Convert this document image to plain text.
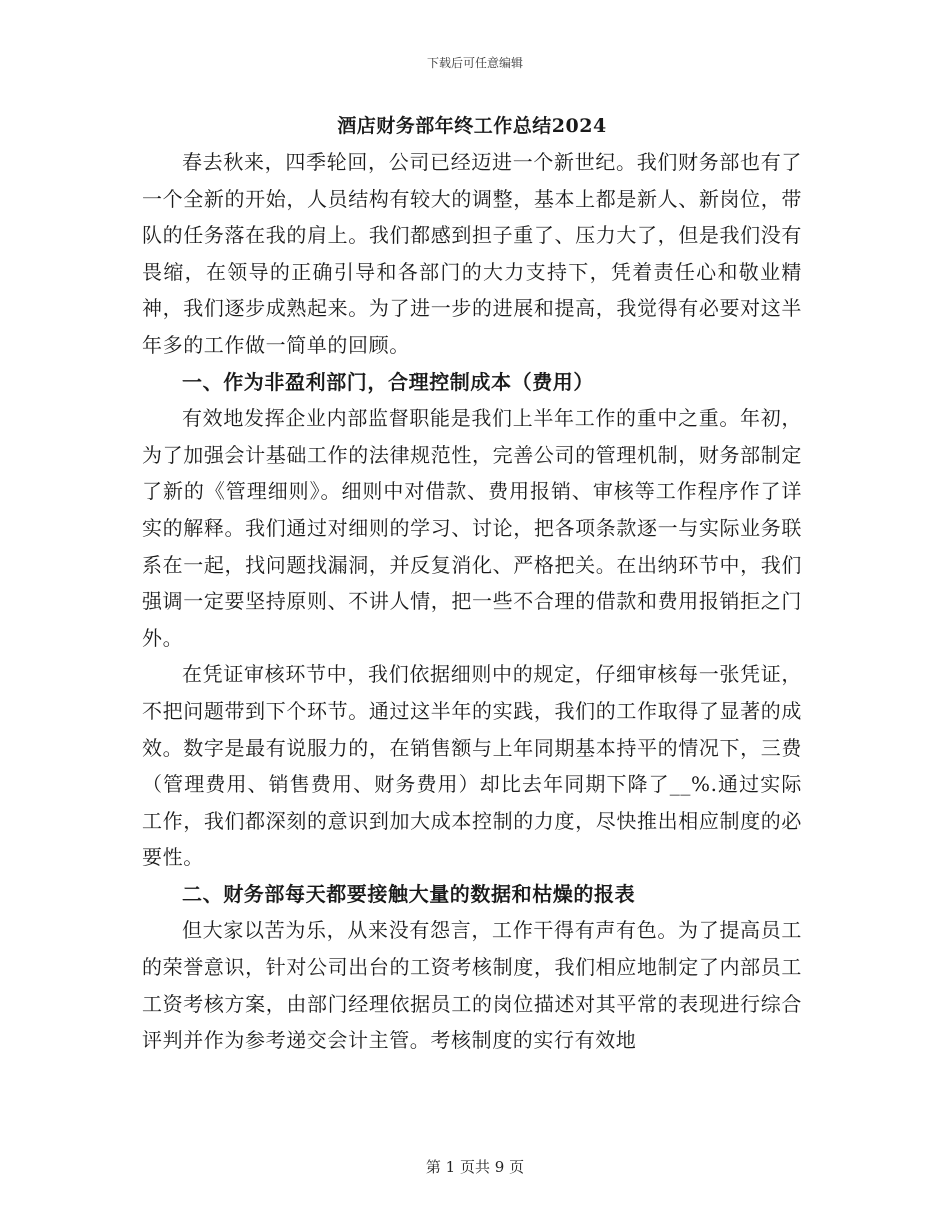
下载后可任意编辑
酒店财务部年终工作总结2024

春去秋来，四季轮回，公司已经迈进一个新世纪。我们财务部也有了一个全新的开始，人员结构有较大的调整，基本上都是新人、新岗位，带队的任务落在我的肩上。我们都感到担子重了、压力大了，但是我们没有畏缩，在领导的正确引导和各部门的大力支持下，凭着责任心和敬业精神，我们逐步成熟起来。为了进一步的进展和提高，我觉得有必要对这半年多的工作做一简单的回顾。

一、作为非盈利部门，合理控制成本（费用）

有效地发挥企业内部监督职能是我们上半年工作的重中之重。年初，为了加强会计基础工作的法律规范性，完善公司的管理机制，财务部制定了新的《管理细则》。细则中对借款、费用报销、审核等工作程序作了详实的解释。我们通过对细则的学习、讨论，把各项条款逐一与实际业务联系在一起，找问题找漏洞，并反复消化、严格把关。在出纳环节中，我们强调一定要坚持原则、不讲人情，把一些不合理的借款和费用报销拒之门外。

在凭证审核环节中，我们依据细则中的规定，仔细审核每一张凭证，不把问题带到下个环节。通过这半年的实践，我们的工作取得了显著的成效。数字是最有说服力的，在销售额与上年同期基本持平的情况下，三费（管理费用、销售费用、财务费用）却比去年同期下降了__%.通过实际工作，我们都深刻的意识到加大成本控制的力度，尽快推出相应制度的必要性。

二、财务部每天都要接触大量的数据和枯燥的报表

但大家以苦为乐，从来没有怨言，工作干得有声有色。为了提高员工的荣誉意识，针对公司出台的工资考核制度，我们相应地制定了内部员工工资考核方案，由部门经理依据员工的岗位描述对其平常的表现进行综合评判并作为参考递交会计主管。考核制度的实行有效地

第 1 页共 9 页
